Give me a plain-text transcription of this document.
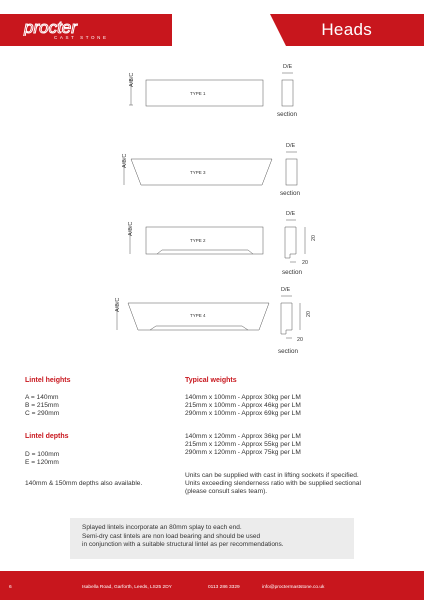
procter
CAST STONE	Heads
A/B/C
TYPE 1
D/E
section
A/B/C
TYPE 3
D/E
section
A/B/C
TYPE 2
D/E
20
20
section
A/B/C
TYPE 4
D/E
20
20
section
Lintel heights
A = 140mm
B = 215mm
C = 290mm
Lintel depths
D = 100mm
E = 120mm
140mm & 150mm depths also available.
Typical weights
140mm x 100mm - Approx 30kg per LM
215mm x 100mm - Approx 46kg per LM
290mm x 100mm - Approx 69kg per LM
140mm x 120mm - Approx 36kg per LM
215mm x 120mm - Approx 55kg per LM
290mm x 120mm - Approx 75kg per LM
Units can be supplied with cast in lifting sockets if specified.
Units exceeding slenderness ratio with be supplied sectional
(please consult sales team).
Splayed lintels incorporate an 80mm splay to each end.
Semi-dry cast lintels are non load bearing and should be used
in conjunction with a suitable structural lintel as per recommendations.
6	Isabella Road, Garforth, Leeds, LS25 2DY	0113 286 3329	info@proctermaststone.co.uk
